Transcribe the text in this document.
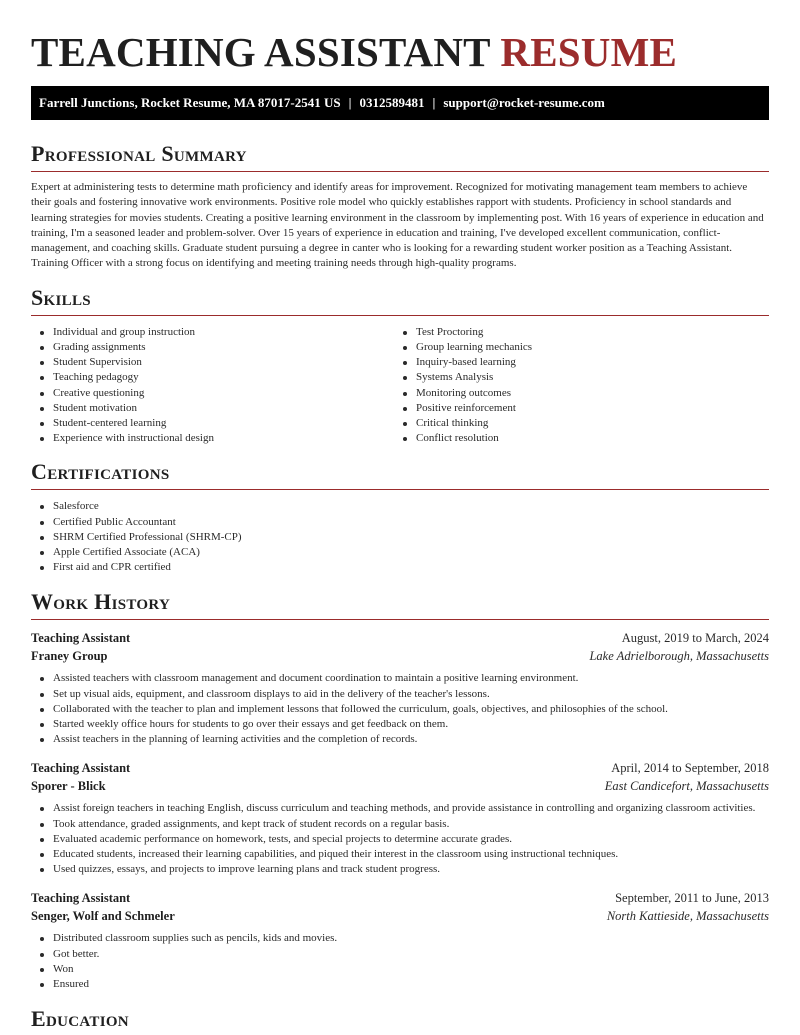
TEACHING ASSISTANT RESUME
Farrell Junctions, Rocket Resume, MA 87017-2541 US | 0312589481 | support@rocket-resume.com
Professional Summary

Expert at administering tests to determine math proficiency and identify areas for improvement. Recognized for motivating management team members to achieve their goals and fostering innovative work environments. Positive role model who quickly establishes rapport with students. Proficiency in school standards and learning strategies for movies students. Creating a positive learning environment in the classroom by implementing post. With 16 years of experience in education and training, I'm a seasoned leader and problem-solver. Over 15 years of experience in education and training, I've developed excellent communication, conflict-management, and coaching skills. Graduate student pursuing a degree in canter who is looking for a rewarding student worker position as a Teaching Assistant. Training Officer with a strong focus on identifying and meeting training needs through high-quality programs.

Skills
Individual and group instruction
Grading assignments
Student Supervision
Teaching pedagogy
Creative questioning
Student motivation
Student-centered learning
Experience with instructional design
Test Proctoring
Group learning mechanics
Inquiry-based learning
Systems Analysis
Monitoring outcomes
Positive reinforcement
Critical thinking
Conflict resolution
Certifications
Salesforce
Certified Public Accountant
SHRM Certified Professional (SHRM-CP)
Apple Certified Associate (ACA)
First aid and CPR certified
Work History
Teaching Assistant	August, 2019 to March, 2024
Franey Group	Lake Adrielborough, Massachusetts
Assisted teachers with classroom management and document coordination to maintain a positive learning environment.
Set up visual aids, equipment, and classroom displays to aid in the delivery of the teacher's lessons.
Collaborated with the teacher to plan and implement lessons that followed the curriculum, goals, objectives, and philosophies of the school.
Started weekly office hours for students to go over their essays and get feedback on them.
Assist teachers in the planning of learning activities and the completion of records.
Teaching Assistant	April, 2014 to September, 2018
Sporer - Blick	East Candicefort, Massachusetts
Assist foreign teachers in teaching English, discuss curriculum and teaching methods, and provide assistance in controlling and organizing classroom activities.
Took attendance, graded assignments, and kept track of student records on a regular basis.
Evaluated academic performance on homework, tests, and special projects to determine accurate grades.
Educated students, increased their learning capabilities, and piqued their interest in the classroom using instructional techniques.
Used quizzes, essays, and projects to improve learning plans and track student progress.
Teaching Assistant	September, 2011 to June, 2013
Senger, Wolf and Schmeler	North Kattieside, Massachusetts
Distributed classroom supplies such as pencils, kids and movies.
Got better.
Won
Ensured
Education
